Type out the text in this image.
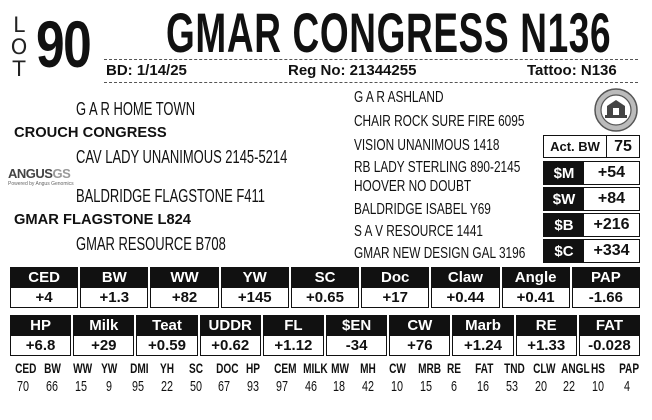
L
O
T 90 GMAR CONGRESS N136
BD: 1/14/25	Reg No: 21344255	Tattoo: N136
G A R HOME TOWN
CROUCH CONGRESS
CAV LADY UNANIMOUS 2145-5214
BALDRIDGE FLAGSTONE F411
GMAR FLAGSTONE L824
GMAR RESOURCE B708
ANGUSGS
Powered by Angus Genomics
G A R ASHLAND
CHAIR ROCK SURE FIRE 6095
VISION UNANIMOUS 1418
RB LADY STERLING 890-2145
HOOVER NO DOUBT
BALDRIDGE ISABEL Y69
S A V RESOURCE 1441
GMAR NEW DESIGN GAL 3196
Act. BW 75
$M	+54
$W	+84
$B	+216
$C	+334
CED
+4
BW
+1.3
WW
+82
YW
+145
SC
+0.65
Doc
+17
Claw
+0.44
Angle
+0.41
PAP
-1.66
HP
+6.8
Milk
+29
Teat
+0.59
UDDR
+0.62
FL
+1.12
$EN
-34
CW
+76
Marb
+1.24
RE
+1.33
FAT
-0.028
CED BW WW YW DMI YH SC DOC HP CEM MILK MW MH CW MRB RE FAT TND CLW ANGL HS PAP
70 66 15	9	95 22 50 67 93 97 46 18 42 10 15	6	16 53 20 22 10	4
